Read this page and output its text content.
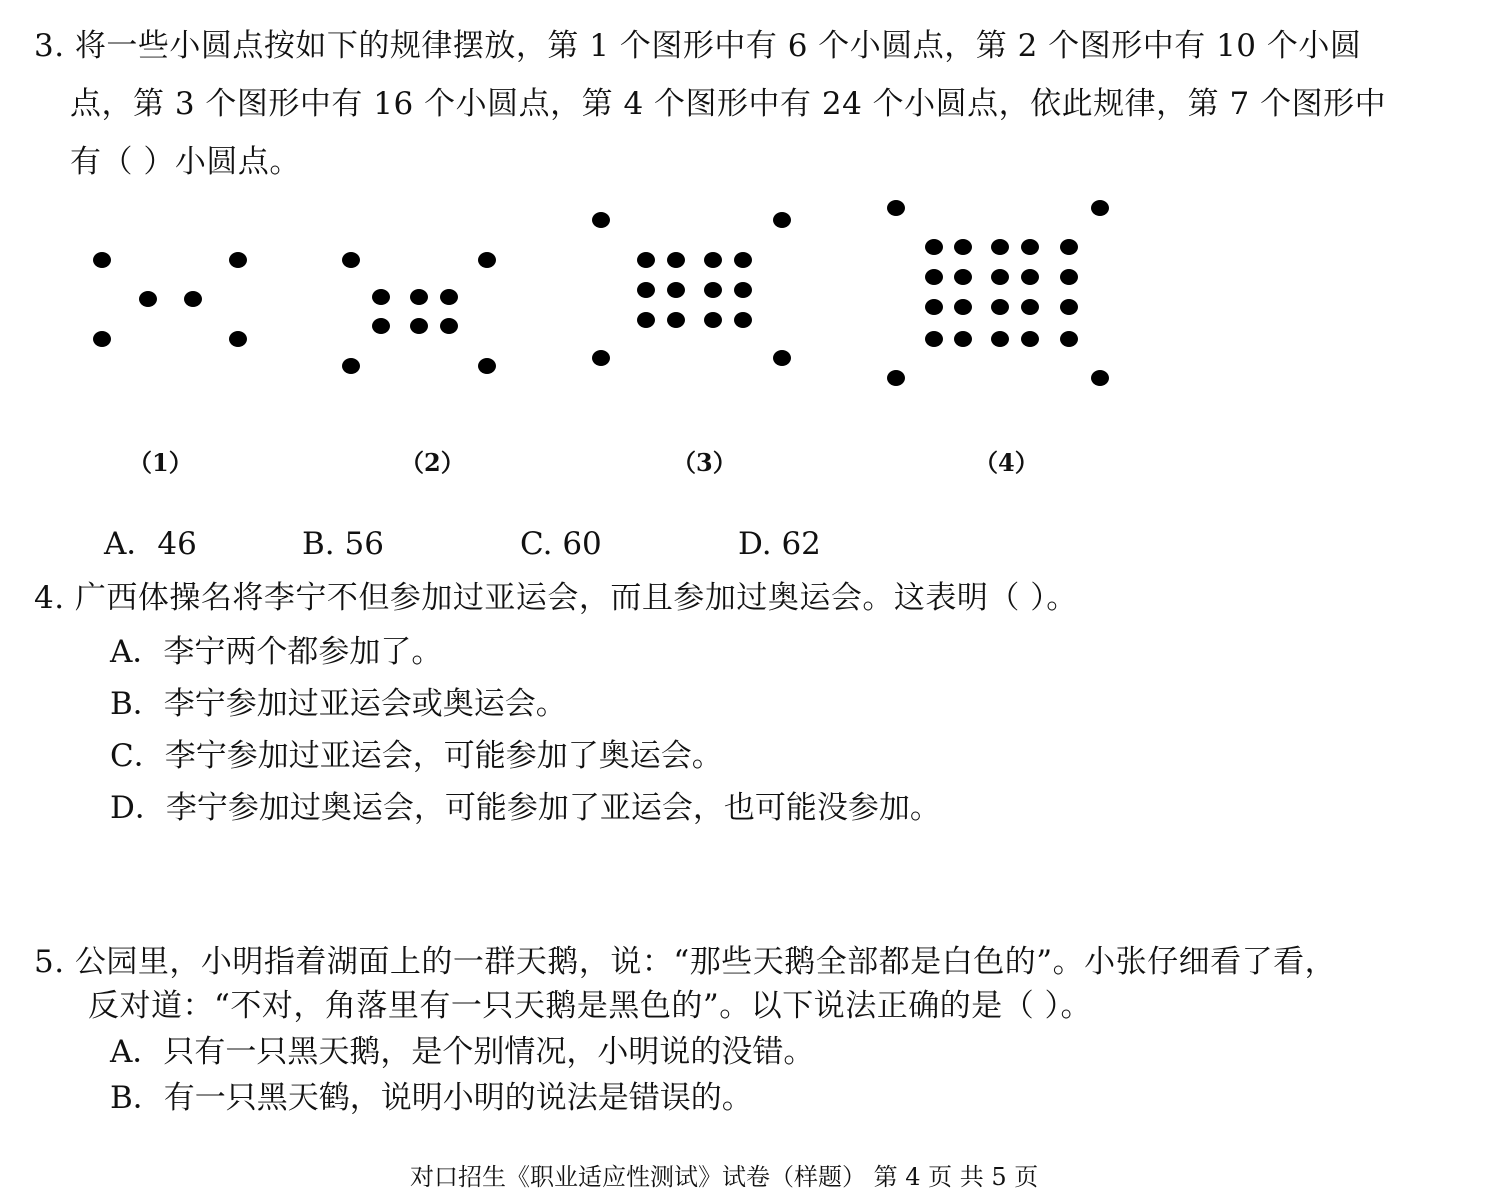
3. 将一些小圆点按如下的规律摆放，第 1 个图形中有 6 个小圆点，第 2 个图形中有 10 个小圆
点，第 3 个图形中有 16 个小圆点，第 4 个图形中有 24 个小圆点，依此规律，第 7 个图形中
有（ ）小圆点。
（1）	（2）	（3）	（4）
A．46	B. 56	C. 60	D. 62
4. 广西体操名将李宁不但参加过亚运会，而且参加过奥运会。这表明（ ）。
A．李宁两个都参加了。
B．李宁参加过亚运会或奥运会。
C．李宁参加过亚运会，可能参加了奥运会。
D．李宁参加过奥运会，可能参加了亚运会，也可能没参加。
5. 公园里，小明指着湖面上的一群天鹅，说：“那些天鹅全部都是白色的”。小张仔细看了看，
反对道：“不对，角落里有一只天鹅是黑色的”。以下说法正确的是（ ）。
A．只有一只黑天鹅，是个别情况，小明说的没错。
B．有一只黑天鹤，说明小明的说法是错误的。
对口招生《职业适应性测试》试卷（样题） 第 4 页 共 5 页
